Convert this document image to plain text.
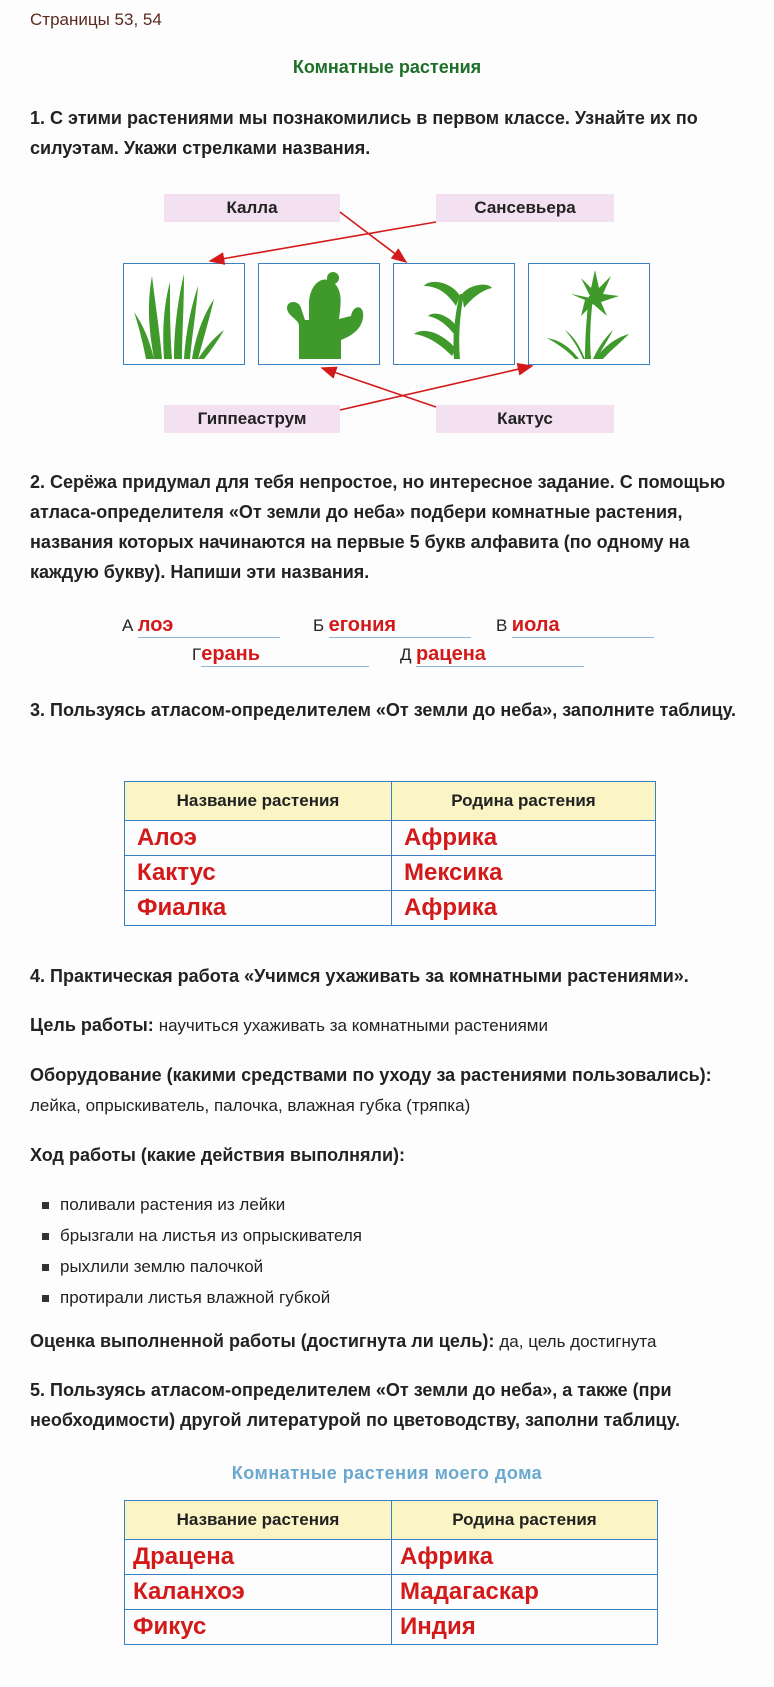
Страницы 53, 54
Комнатные растения
1. С этими растениями мы познакомились в первом классе. Узнайте их по силуэтам. Укажи стрелками названия.
Калла	Сансевьера
Гиппеаструм	Кактус
2. Серёжа придумал для тебя непростое, но интересное задание. С помощью атласа-определителя «От земли до неба» подбери комнатные растения, названия которых начинаются на первые 5 букв алфавита (по одному на каждую букву). Напиши эти названия.
А лоэ	Б егония	В иола
Герань	Д рацена
3. Пользуясь атласом-определителем «От земли до неба», заполните таблицу.
Название растения	Родина растения
Алоэ	Африка
Кактус	Мексика
Фиалка	Африка
4. Практическая работа «Учимся ухаживать за комнатными растениями».
Цель работы: научиться ухаживать за комнатными растениями
Оборудование (какими средствами по уходу за растениями пользовались): лейка, опрыскиватель, палочка, влажная губка (тряпка)
Ход работы (какие действия выполняли):
поливали растения из лейки
брызгали на листья из опрыскивателя
рыхлили землю палочкой
протирали листья влажной губкой
Оценка выполненной работы (достигнута ли цель): да, цель достигнута
5. Пользуясь атласом-определителем «От земли до неба», а также (при необходимости) другой литературой по цветоводству, заполни таблицу.
Комнатные растения моего дома
Название растения	Родина растения
Драцена	Африка
Каланхоэ	Мадагаскар
Фикус	Индия
